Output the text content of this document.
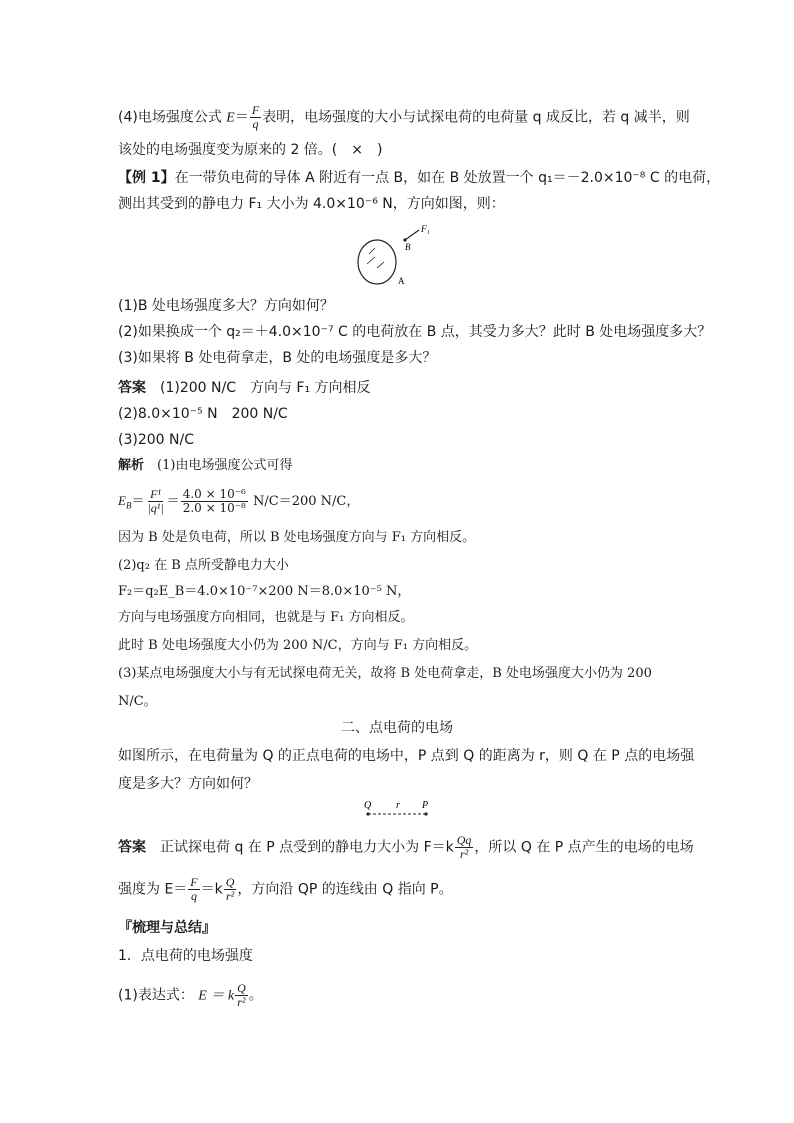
(4)电场强度公式 $E= \frac{F}{q}$ 表明，电场强度的大小与试探电荷的电荷量 q 成反比，若 q 减半，则
该处的电场强度变为原来的 2 倍。(　×　)
【例 1】在一带负电荷的导体 A 附近有一点 B，如在 B 处放置一个 q₁＝－2.0×10⁻⁸ C 的电荷，
测出其受到的静电力 F₁ 大小为 4.0×10⁻⁶ N，方向如图，则：
F₁
B
A
(1)B 处电场强度多大？方向如何？
(2)如果换成一个 q₂＝＋4.0×10⁻⁷ C 的电荷放在 B 点，其受力多大？此时 B 处电场强度多大？
(3)如果将 B 处电荷拿走，B 处的电场强度是多大？
答案　 (1)200 N/C　方向与 F₁ 方向相反
(2)8.0×10⁻⁵ N　200 N/C
(3)200 N/C
解析　 (1)由电场强度公式可得
$E_B= \frac{\text{F¹}}{\text{|q¹|}} = \frac{\text{4.0 × 10⁻⁶}}{\text{2.0 × 10⁻⁸}} N/C=200$ N/C，
因为 B 处是负电荷，所以 B 处电场强度方向与 F₁ 方向相反。
(2)q₂ 在 B 点所受静电力大小
F₂＝q₂E_B＝4.0×10⁻⁷×200 N＝8.0×10⁻⁵ N，
方向与电场强度方向相同，也就是与 F₁ 方向相反。
此时 B 处电场强度大小仍为 200 N/C，方向与 F₁ 方向相反。
(3)某点电场强度大小与有无试探电荷无关，故将 B 处电荷拿走，B 处电场强度大小仍为 200
N/C。
二、点电荷的电场
如图所示，在电荷量为 Q 的正点电荷的电场中，P 点到 Q 的距离为 r，则 Q 在 P 点的电场强
度是多大？方向如何？
Q r P
答案　 正试探电荷 q 在 P 点受到的静电力大小为 $F=k \frac{Qq}{\text{r²}}$ ，所以 Q 在 P 点产生的电场的电场
强度为 $E= \frac{F}{q} =k \frac{Q}{\text{r²}}$ ，方向沿 QP 的连线由 Q 指向 P。
『梳理与总结』
1．点电荷的电场强度
(1)表达式： E ＝ k $\frac{Q}{\text{r²}}$ 。
